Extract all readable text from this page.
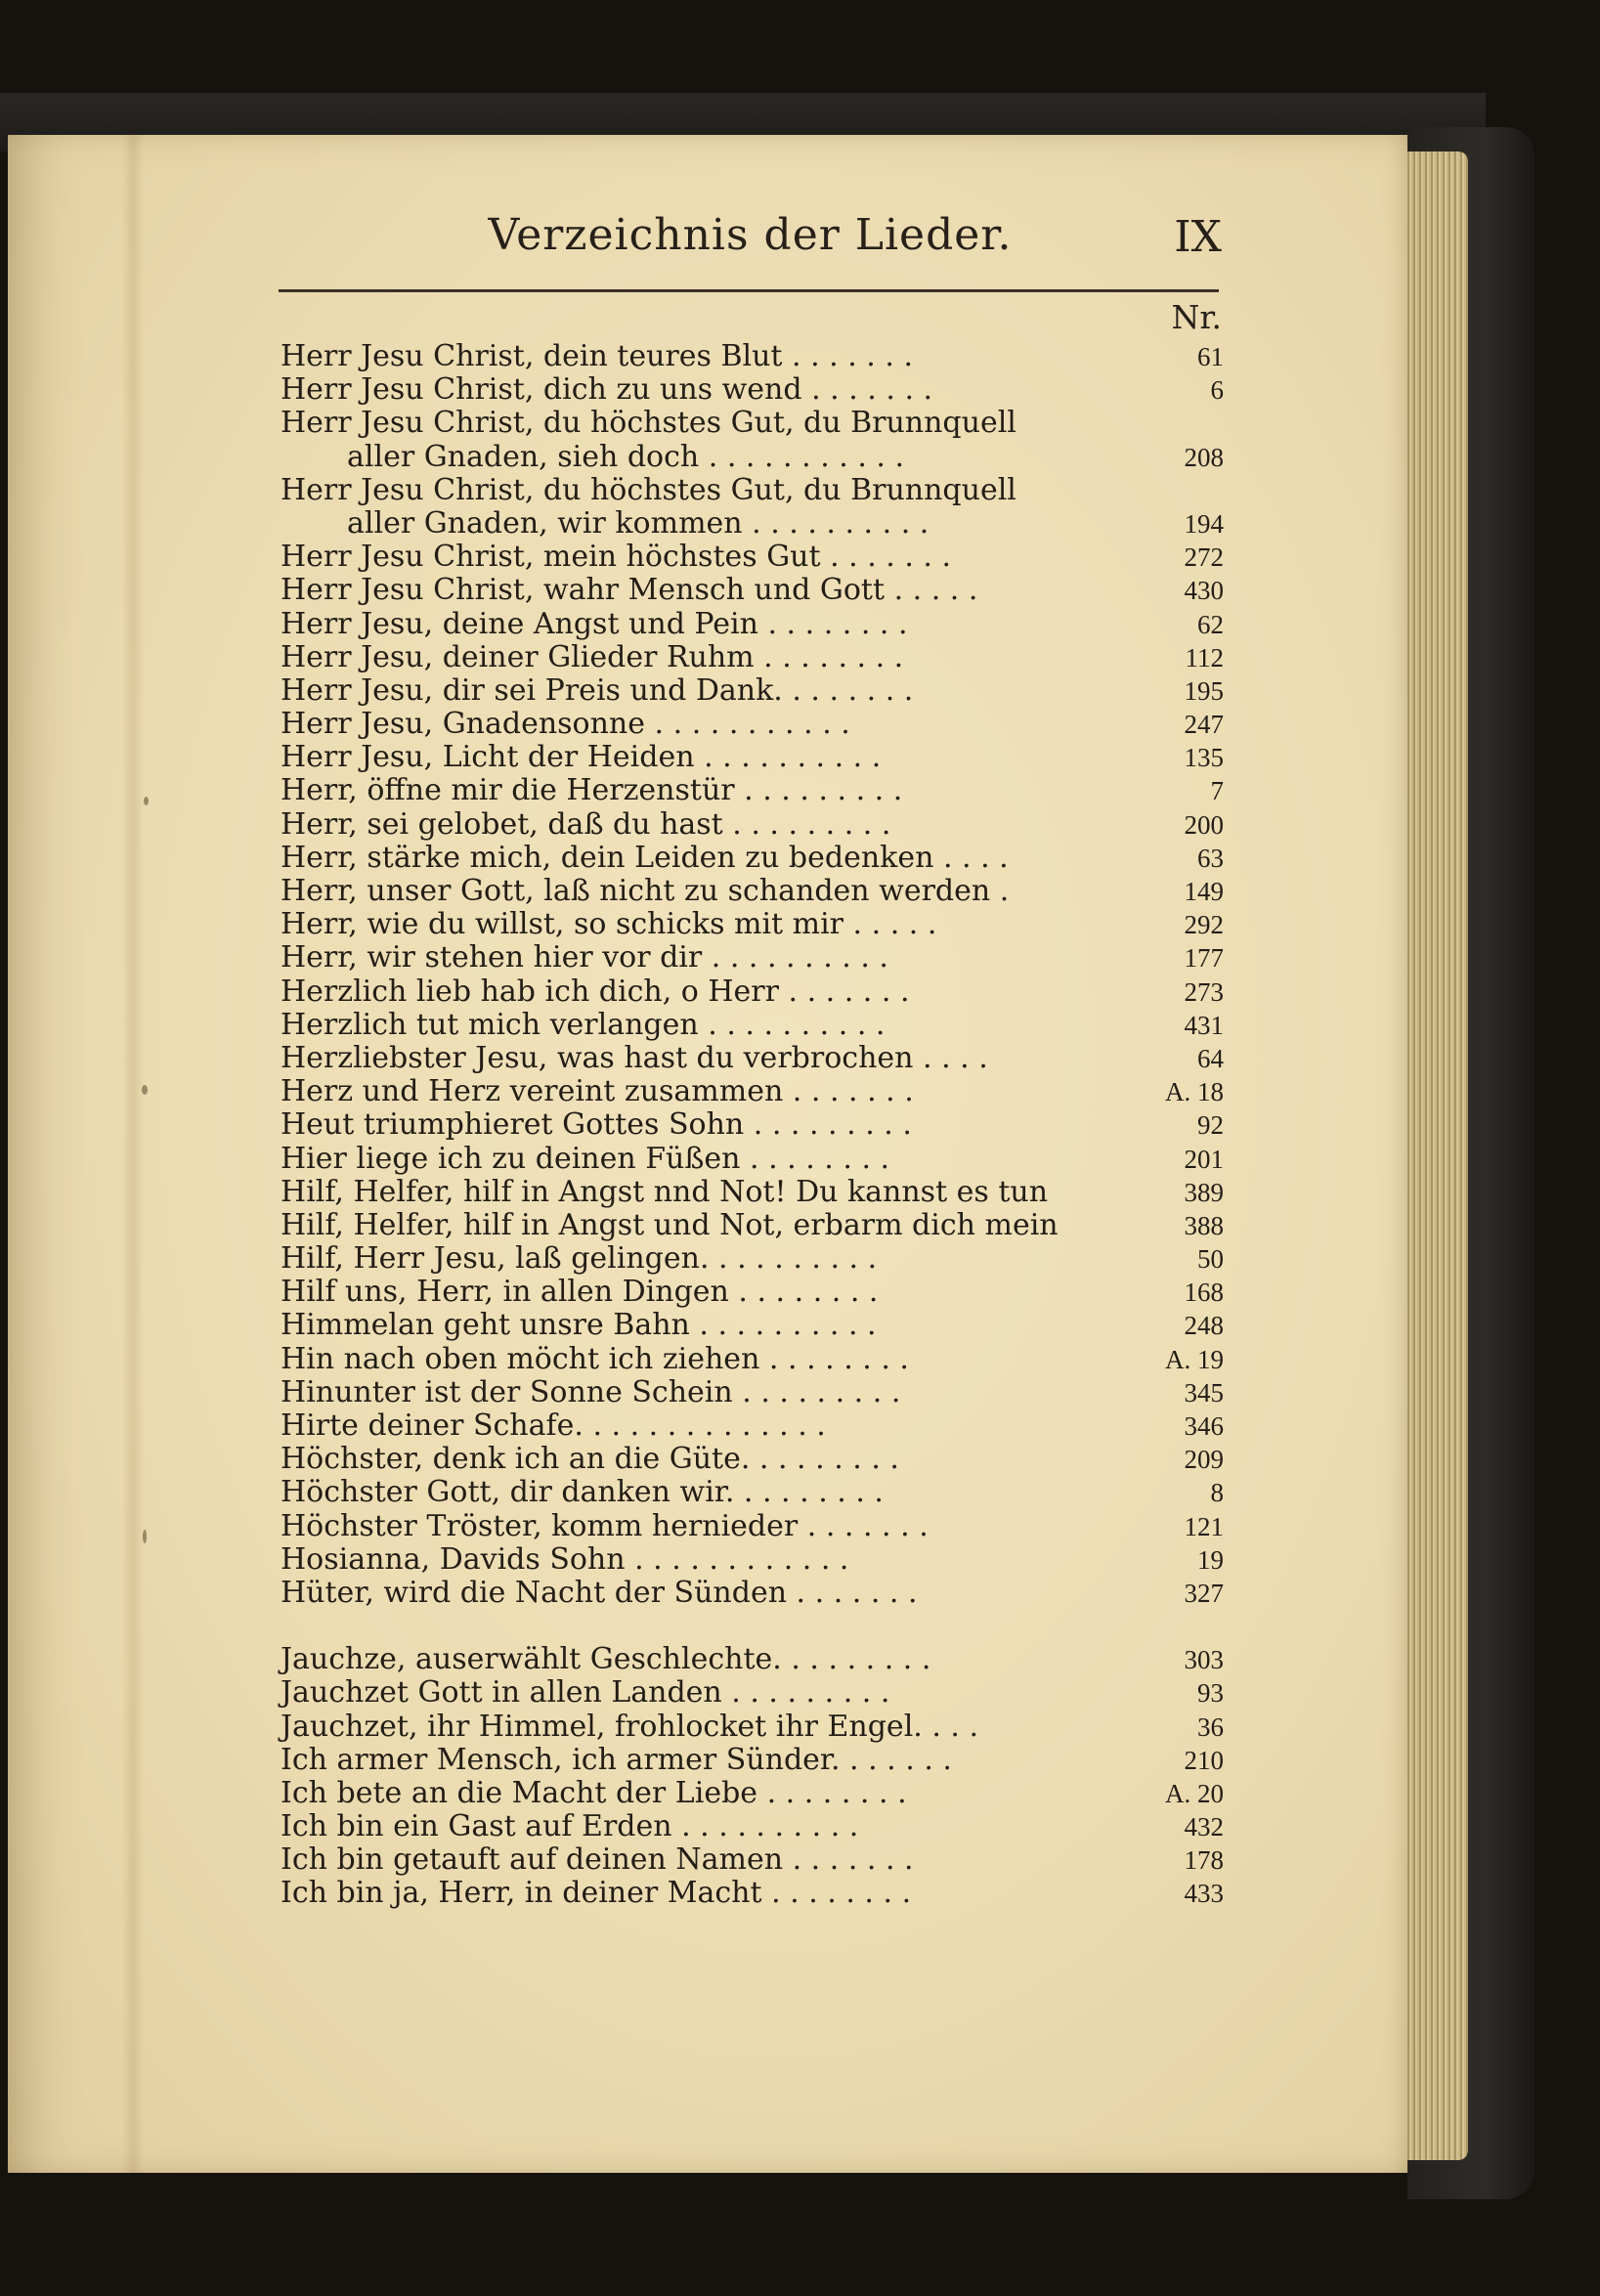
Verzeichnis der Lieder.	IX
Nr.
Herr Jesu Christ, dein teures Blut . . . . . . .	61
Herr Jesu Christ, dich zu uns wend . . . . . . .	6
Herr Jesu Christ, du höchstes Gut, du Brunnquell
aller Gnaden, sieh doch . . . . . . . . . . .	208
Herr Jesu Christ, du höchstes Gut, du Brunnquell
aller Gnaden, wir kommen . . . . . . . . . .	194
Herr Jesu Christ, mein höchstes Gut . . . . . . .	272
Herr Jesu Christ, wahr Mensch und Gott . . . . .	430
Herr Jesu, deine Angst und Pein . . . . . . . .	62
Herr Jesu, deiner Glieder Ruhm . . . . . . . .	112
Herr Jesu, dir sei Preis und Dank. . . . . . . .	195
Herr Jesu, Gnadensonne . . . . . . . . . . .	247
Herr Jesu, Licht der Heiden . . . . . . . . . .	135
Herr, öffne mir die Herzenstür . . . . . . . . .	7
Herr, sei gelobet, daß du hast . . . . . . . . .	200
Herr, stärke mich, dein Leiden zu bedenken . . . .	63
Herr, unser Gott, laß nicht zu schanden werden .	149
Herr, wie du willst, so schicks mit mir . . . . .	292
Herr, wir stehen hier vor dir . . . . . . . . . .	177
Herzlich lieb hab ich dich, o Herr . . . . . . .	273
Herzlich tut mich verlangen . . . . . . . . . .	431
Herzliebster Jesu, was hast du verbrochen . . . .	64
Herz und Herz vereint zusammen . . . . . . .	A. 18
Heut triumphieret Gottes Sohn . . . . . . . . .	92
Hier liege ich zu deinen Füßen . . . . . . . .	201
Hilf, Helfer, hilf in Angst nnd Not! Du kannst es tun	389
Hilf, Helfer, hilf in Angst und Not, erbarm dich mein	388
Hilf, Herr Jesu, laß gelingen. . . . . . . . . .	50
Hilf uns, Herr, in allen Dingen . . . . . . . .	168
Himmelan geht unsre Bahn . . . . . . . . . .	248
Hin nach oben möcht ich ziehen . . . . . . . .	A. 19
Hinunter ist der Sonne Schein . . . . . . . . .	345
Hirte deiner Schafe. . . . . . . . . . . . . .	346
Höchster, denk ich an die Güte. . . . . . . . .	209
Höchster Gott, dir danken wir. . . . . . . . .	8
Höchster Tröster, komm hernieder . . . . . . .	121
Hosianna, Davids Sohn . . . . . . . . . . . .	19
Hüter, wird die Nacht der Sünden . . . . . . .	327
Jauchze, auserwählt Geschlechte. . . . . . . . .	303
Jauchzet Gott in allen Landen . . . . . . . . .	93
Jauchzet, ihr Himmel, frohlocket ihr Engel. . . .	36
Ich armer Mensch, ich armer Sünder. . . . . . .	210
Ich bete an die Macht der Liebe . . . . . . . .	A. 20
Ich bin ein Gast auf Erden . . . . . . . . . .	432
Ich bin getauft auf deinen Namen . . . . . . .	178
Ich bin ja, Herr, in deiner Macht . . . . . . . .	433
